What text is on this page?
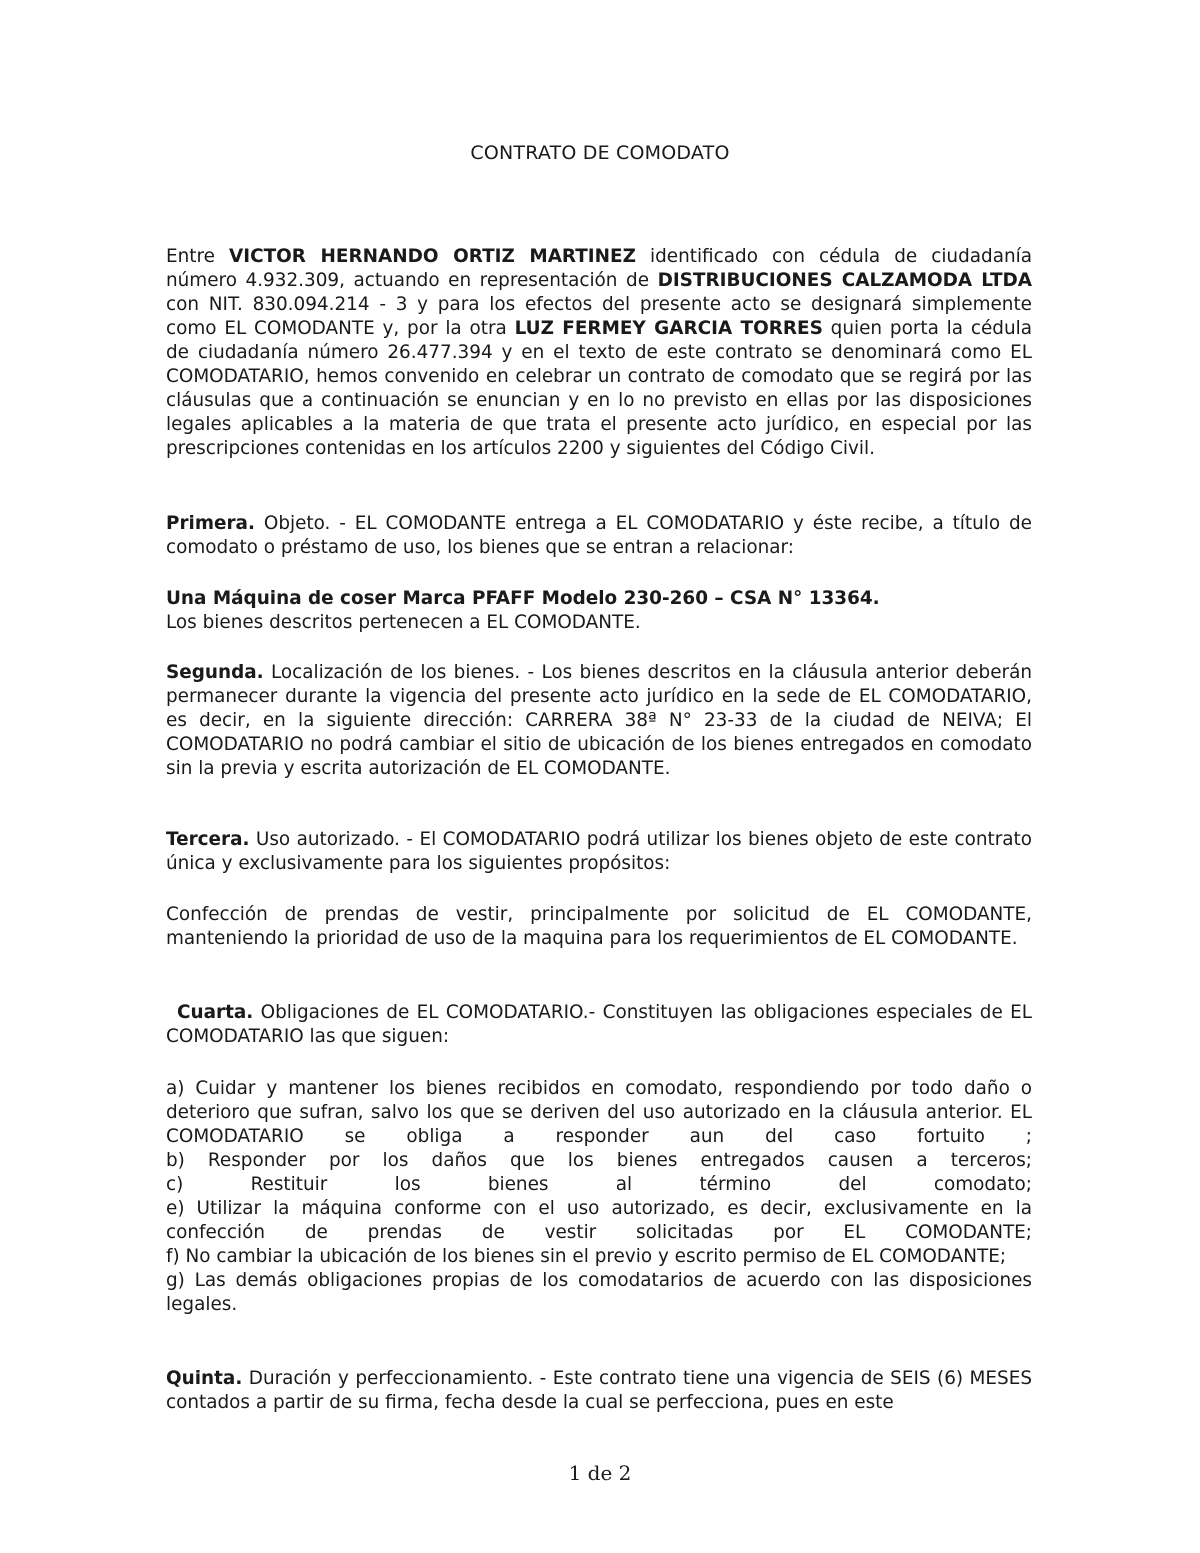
CONTRATO DE COMODATO

Entre VICTOR HERNANDO ORTIZ MARTINEZ identificado con cédula de ciudadanía número 4.932.309, actuando en representación de DISTRIBUCIONES CALZAMODA LTDA con NIT. 830.094.214 - 3 y para los efectos del presente acto se designará simplemente como EL COMODANTE y, por la otra LUZ FERMEY GARCIA TORRES quien porta la cédula de ciudadanía número 26.477.394 y en el texto de este contrato se denominará como EL COMODATARIO, hemos convenido en celebrar un contrato de comodato que se regirá por las cláusulas que a continuación se enuncian y en lo no previsto en ellas por las disposiciones legales aplicables a la materia de que trata el presente acto jurídico, en especial por las prescripciones contenidas en los artículos 2200 y siguientes del Código Civil.

Primera. Objeto. - EL COMODANTE entrega a EL COMODATARIO y éste recibe, a título de comodato o préstamo de uso, los bienes que se entran a relacionar:

Una Máquina de coser Marca PFAFF Modelo 230-260 – CSA N° 13364.

Los bienes descritos pertenecen a EL COMODANTE.

Segunda. Localización de los bienes. - Los bienes descritos en la cláusula anterior deberán permanecer durante la vigencia del presente acto jurídico en la sede de EL COMODATARIO, es decir, en la siguiente dirección: CARRERA 38ª N° 23-33 de la ciudad de NEIVA; El COMODATARIO no podrá cambiar el sitio de ubicación de los bienes entregados en comodato sin la previa y escrita autorización de EL COMODANTE.

Tercera. Uso autorizado. - El COMODATARIO podrá utilizar los bienes objeto de este contrato única y exclusivamente para los siguientes propósitos:

Confección de prendas de vestir, principalmente por solicitud de EL COMODANTE, manteniendo la prioridad de uso de la maquina para los requerimientos de EL COMODANTE.

Cuarta. Obligaciones de EL COMODATARIO.- Constituyen las obligaciones especiales de EL COMODATARIO las que siguen:

a) Cuidar y mantener los bienes recibidos en comodato, respondiendo por todo daño o deterioro que sufran, salvo los que se deriven del uso autorizado en la cláusula anterior. EL COMODATARIO se obliga a responder aun del caso fortuito ;

b) Responder por los daños que los bienes entregados causen a terceros;

c) Restituir los bienes al término del comodato;

e) Utilizar la máquina conforme con el uso autorizado, es decir, exclusivamente en la confección de prendas de vestir solicitadas por EL COMODANTE;

f) No cambiar la ubicación de los bienes sin el previo y escrito permiso de EL COMODANTE;

g) Las demás obligaciones propias de los comodatarios de acuerdo con las disposiciones legales.

Quinta. Duración y perfeccionamiento. - Este contrato tiene una vigencia de SEIS (6) MESES contados a partir de su firma, fecha desde la cual se perfecciona, pues en este

1 de 2
